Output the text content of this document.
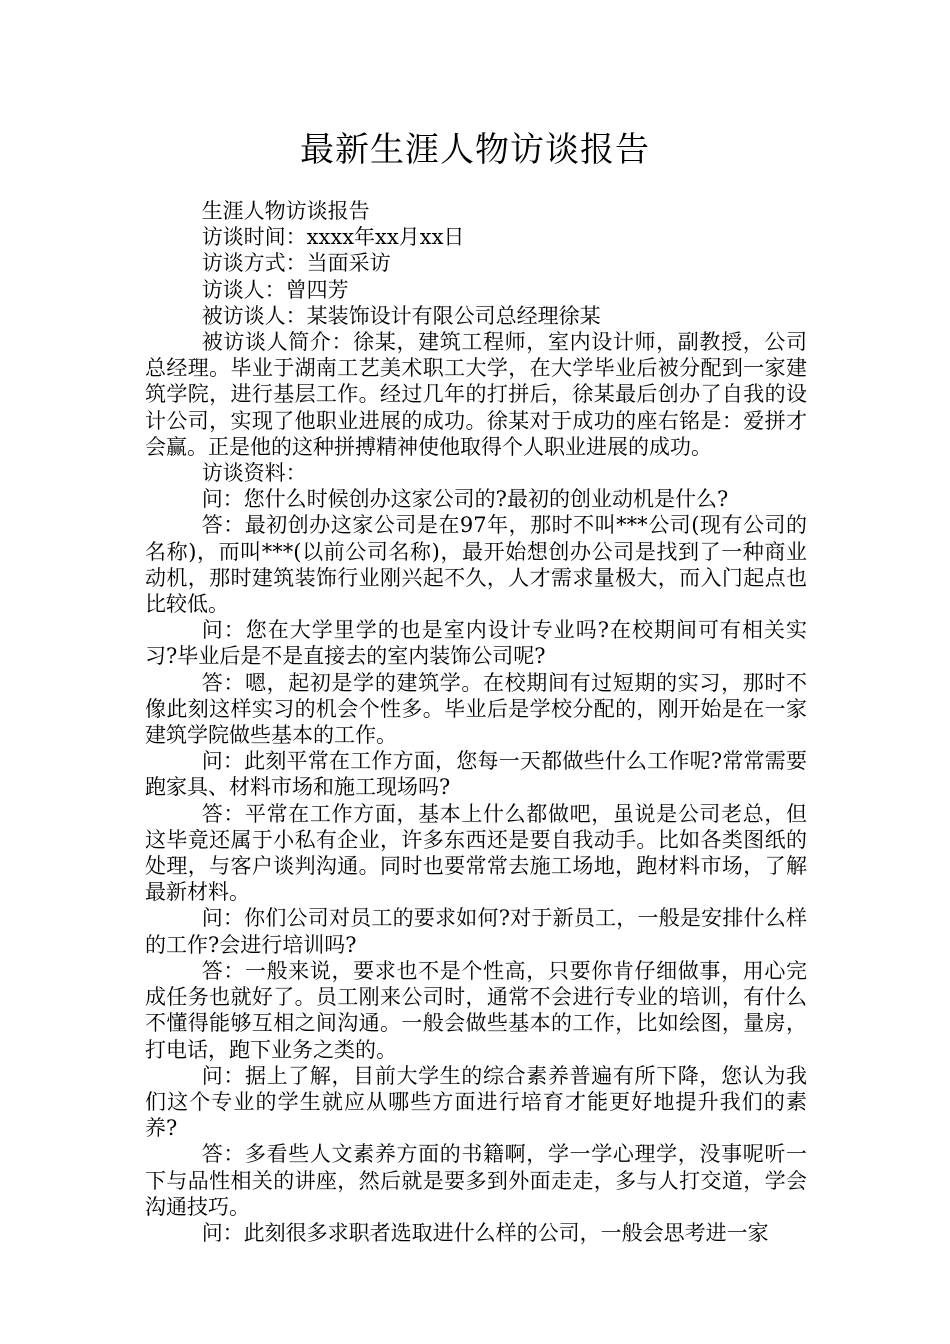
最新生涯人物访谈报告

生涯人物访谈报告

访谈时间：xxxx年xx月xx日

访谈方式：当面采访

访谈人：曾四芳

被访谈人：某装饰设计有限公司总经理徐某

被访谈人简介：徐某，建筑工程师，室内设计师，副教授，公司总经理。毕业于湖南工艺美术职工大学，在大学毕业后被分配到一家建筑学院，进行基层工作。经过几年的打拼后，徐某最后创办了自我的设计公司，实现了他职业进展的成功。徐某对于成功的座右铭是：爱拼才会赢。正是他的这种拼搏精神使他取得个人职业进展的成功。

访谈资料：

问：您什么时候创办这家公司的?最初的创业动机是什么?

答：最初创办这家公司是在97年，那时不叫***公司(现有公司的名称)，而叫***(以前公司名称)，最开始想创办公司是找到了一种商业动机，那时建筑装饰行业刚兴起不久，人才需求量极大，而入门起点也比较低。

问：您在大学里学的也是室内设计专业吗?在校期间可有相关实习?毕业后是不是直接去的室内装饰公司呢?

答：嗯，起初是学的建筑学。在校期间有过短期的实习，那时不像此刻这样实习的机会个性多。毕业后是学校分配的，刚开始是在一家建筑学院做些基本的工作。

问：此刻平常在工作方面，您每一天都做些什么工作呢?常常需要跑家具、材料市场和施工现场吗?

答：平常在工作方面，基本上什么都做吧，虽说是公司老总，但这毕竟还属于小私有企业，许多东西还是要自我动手。比如各类图纸的处理，与客户谈判沟通。同时也要常常去施工场地，跑材料市场，了解最新材料。

问：你们公司对员工的要求如何?对于新员工，一般是安排什么样的工作?会进行培训吗?

答：一般来说，要求也不是个性高，只要你肯仔细做事，用心完成任务也就好了。员工刚来公司时，通常不会进行专业的培训，有什么不懂得能够互相之间沟通。一般会做些基本的工作，比如绘图，量房，打电话，跑下业务之类的。

问：据上了解，目前大学生的综合素养普遍有所下降，您认为我们这个专业的学生就应从哪些方面进行培育才能更好地提升我们的素养?

答：多看些人文素养方面的书籍啊，学一学心理学，没事呢听一下与品性相关的讲座，然后就是要多到外面走走，多与人打交道，学会沟通技巧。

问：此刻很多求职者选取进什么样的公司，一般会思考进一家
